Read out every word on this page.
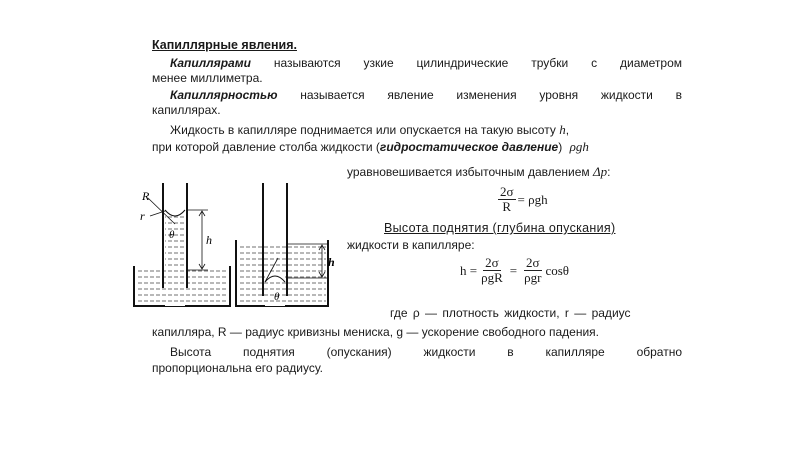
Капиллярные явления.
Капиллярами называются узкие цилиндрические трубки с диаметром
менее миллиметра.
Капиллярностью называется явление изменения уровня жидкости в
капиллярах.
Жидкость в капилляре поднимается или опускается на такую высоту h,
при которой давление столба жидкости (гидростатическое давление) ρgh
уравновешивается избыточным давлением Δp:
$\frac{2\sigma}{R} = \rho gh$
Высота поднятия (глубина опускания)
жидкости в капилляре:
$h = \frac{2\sigma}{\text{ρgR}} = \frac{2\sigma}{\text{ρgr}}$ cosθ
где ρ — плотность жидкости, r — радиус
капилляра, R — радиус кривизны мениска, g — ускорение свободного падения.
Высота поднятия (опускания) жидкости в капилляре обратно
пропорциональна его радиусу.
R
r
θ	h
h
θ
